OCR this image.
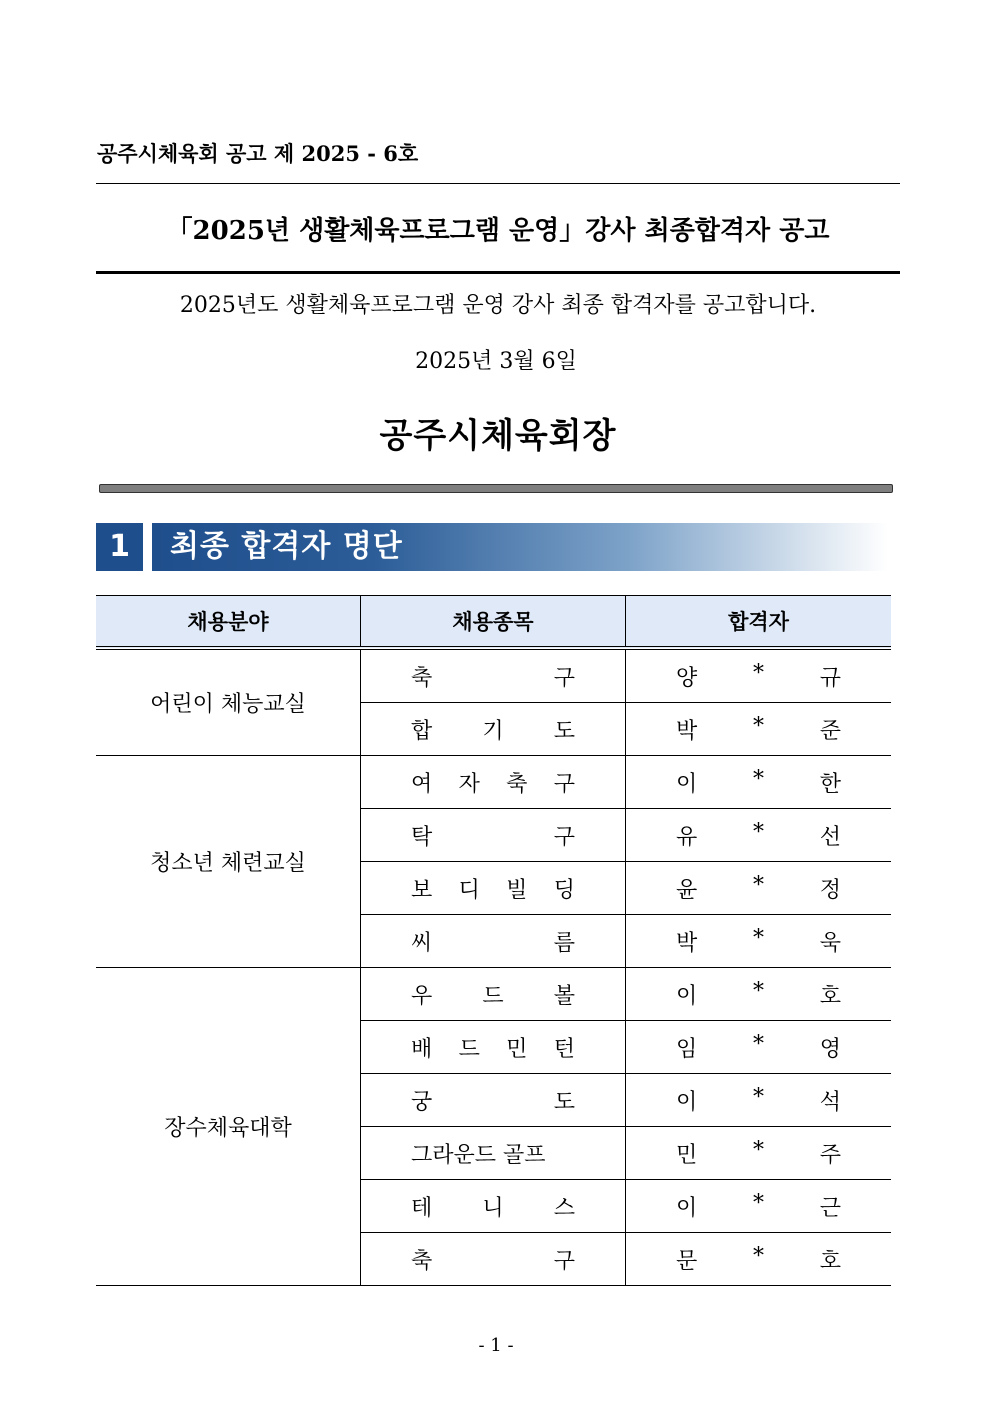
공주시체육회 공고 제 2025 - 6호
「2025년 생활체육프로그램 운영」강사 최종합격자 공고
2025년도 생활체육프로그램 운영 강사 최종 합격자를 공고합니다.
2025년 3월 6일
공주시체육회장
1	최종 합격자 명단
채용분야	채용종목	합격자
어린이 체능교실	축 구	양 * 규

	합 기 도	박 * 준

청소년 체련교실	여 자 축 구	이 * 한

	탁 구	유 * 선

	보 디 빌 딩	윤 * 정

	씨 름	박 * 욱

장수체육대학	우 드 볼	이 * 호

	배 드 민 턴	임 * 영

	궁 도	이 * 석

	그라운드 골프	민 * 주

	테 니 스	이 * 근

	축 구	문 * 호
- 1 -
